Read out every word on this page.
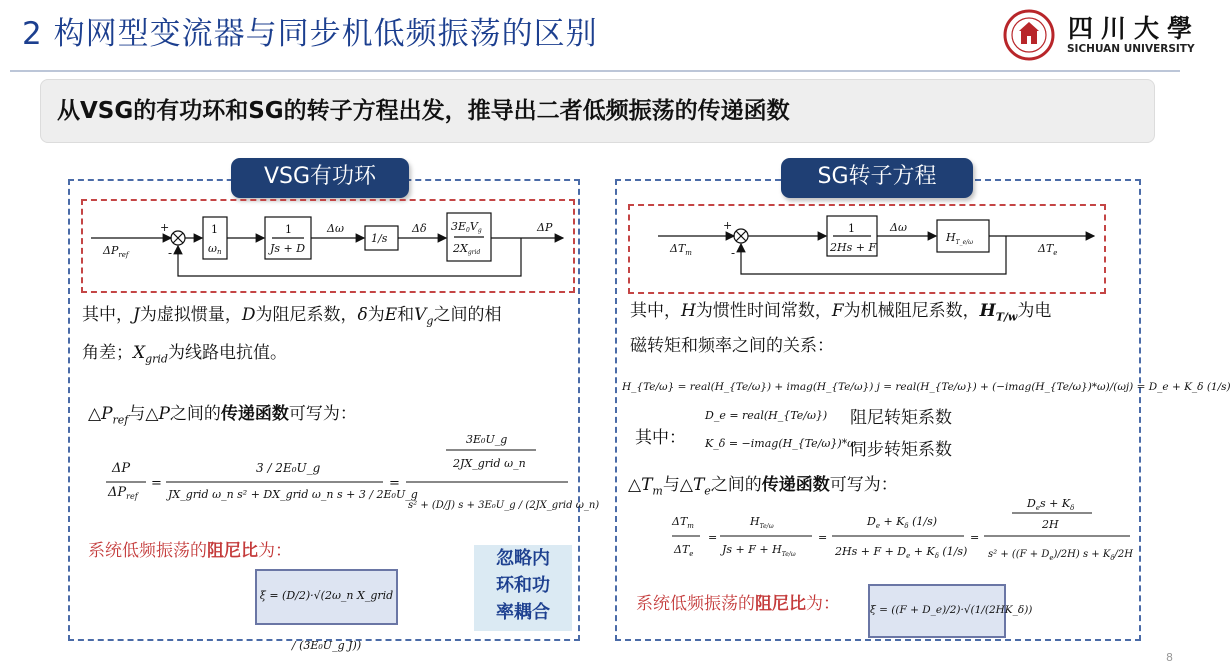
2 构网型变流器与同步机低频振荡的区别	四川大學
SICHUAN UNIVERSITY
从VSG的有功环和SG的转子方程出发，推导出二者低频振荡的传递函数
VSG有功环	SG转子方程
$\Delta P_{ref}$
+
-
1
ωn
1
Js + D
Δω
1/s
Δδ 3E0Vg
2Xgrid
ΔP
$\Delta T_m$
+
-
1
2Hs + F
Δω
$H_{T\_e/\omega}$	$\Delta T_e$
其中，J为虚拟惯量，D为阻尼系数，δ为E和$V_g$之间的相
角差；$X_{grid}$为线路电抗值。
$\triangle P_{ref}$与△P之间的传递函数可写为：
ΔP
$\Delta P_{ref}$
=
3 / 2E₀U_g
JX_grid ω_n s² + DX_grid ω_n s + 3 / 2E₀U_g
=
3E₀U_g
2JX_grid ω_n
s² + (D/J) s + 3E₀U_g / (2JX_grid ω_n)
系统低频振荡的阻尼比为：
ξ = (D/2)·√(2ω_n X_grid / (3E₀U_g J))
忽略内
环和功
率耦合
其中，H为惯性时间常数，F为机械阻尼系数，$H_{T/w}$为电
磁转矩和频率之间的关系：
H_{Te/ω} = real(H_{Te/ω}) + imag(H_{Te/ω}) j = real(H_{Te/ω}) + (−imag(H_{Te/ω})*ω)/(ωj) = D_e + K_δ (1/s)
其中：
D_e = real(H_{Te/ω}) 阻尼转矩系数
K_δ = −imag(H_{Te/ω})*ω
同步转矩系数
$\triangle T_m$与$\triangle T_e$之间的传递函数可写为：
$\Delta T_m$
$\Delta T_e$
=
$H_{Te/\omega}$
$Js + F + H_{Te/\omega}$
=
$D_e + K_\delta$ (1/s)
$2Hs + F + D_e + K_\delta$ (1/s)
=
$D_es + K_\delta$
2H
$s^2 + ((F + D_e)/2H)$ $s + K_\delta/2H$
系统低频振荡的阻尼比为：	ξ = ((F + D_e)/2)·√(1/(2HK_δ))
8
